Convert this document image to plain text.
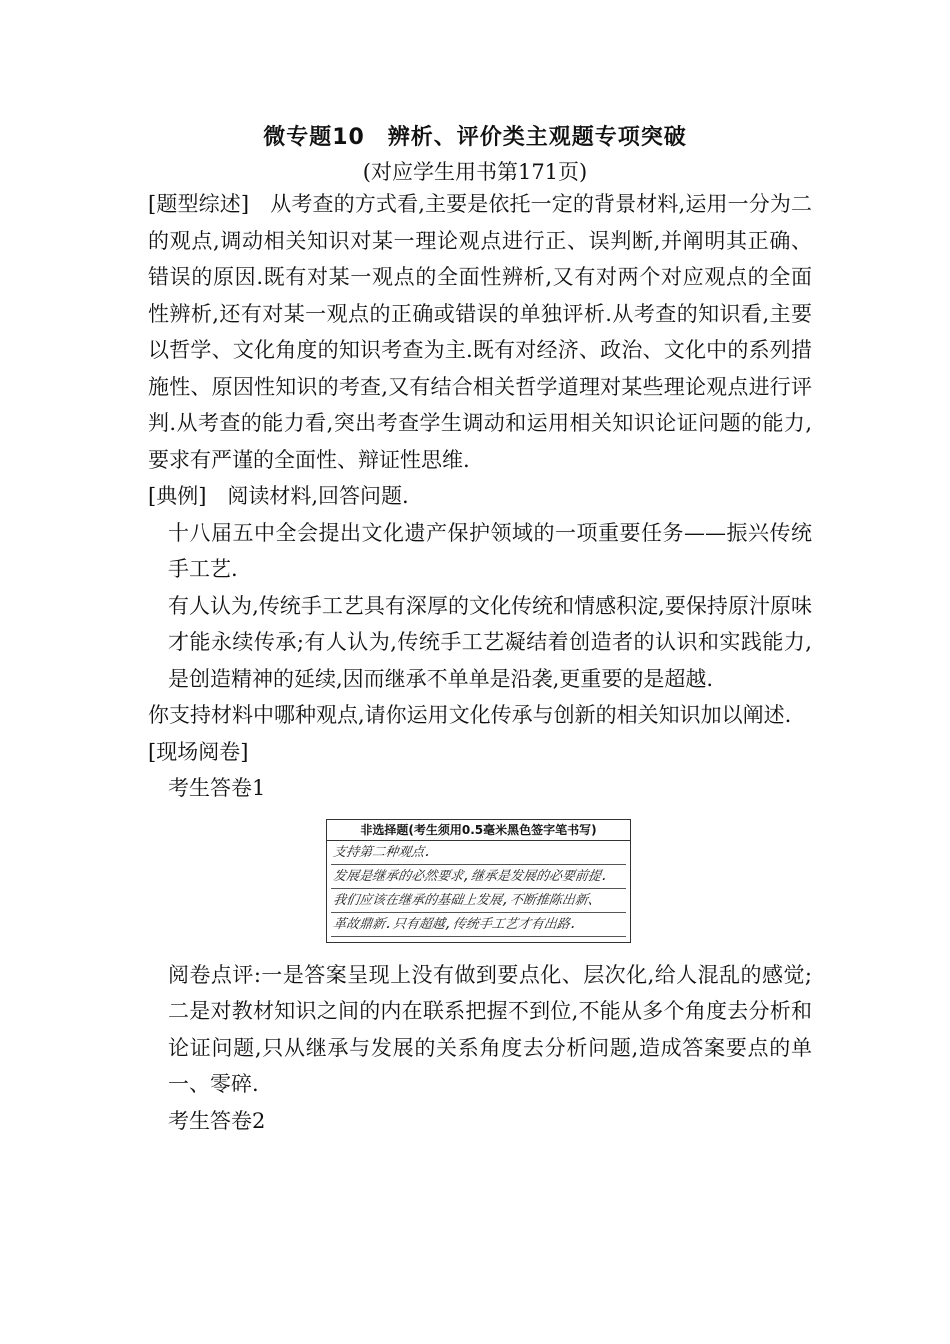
微专题10　辨析、评价类主观题专项突破
(对应学生用书第171页)

[题型综述]　从考查的方式看,主要是依托一定的背景材料,运用一分为二的观点,调动相关知识对某一理论观点进行正、误判断,并阐明其正确、错误的原因.既有对某一观点的全面性辨析,又有对两个对应观点的全面性辨析,还有对某一观点的正确或错误的单独评析.从考查的知识看,主要以哲学、文化角度的知识考查为主.既有对经济、政治、文化中的系列措施性、原因性知识的考查,又有结合相关哲学道理对某些理论观点进行评判.从考查的能力看,突出考查学生调动和运用相关知识论证问题的能力,要求有严谨的全面性、辩证性思维.

[典例]　阅读材料,回答问题.

十八届五中全会提出文化遗产保护领域的一项重要任务——振兴传统手工艺.

有人认为,传统手工艺具有深厚的文化传统和情感积淀,要保持原汁原味才能永续传承;有人认为,传统手工艺凝结着创造者的认识和实践能力,是创造精神的延续,因而继承不单单是沿袭,更重要的是超越.

你支持材料中哪种观点,请你运用文化传承与创新的相关知识加以阐述.

[现场阅卷]

考生答卷1

非选择题(考生须用0.5毫米黑色签字笔书写)
支持第二种观点.
发展是继承的必然要求,继承是发展的必要前提.
我们应该在继承的基础上发展,不断推陈出新、
革故鼎新.只有超越,传统手工艺才有出路.

阅卷点评:一是答案呈现上没有做到要点化、层次化,给人混乱的感觉;二是对教材知识之间的内在联系把握不到位,不能从多个角度去分析和论证问题,只从继承与发展的关系角度去分析问题,造成答案要点的单一、零碎.

考生答卷2
